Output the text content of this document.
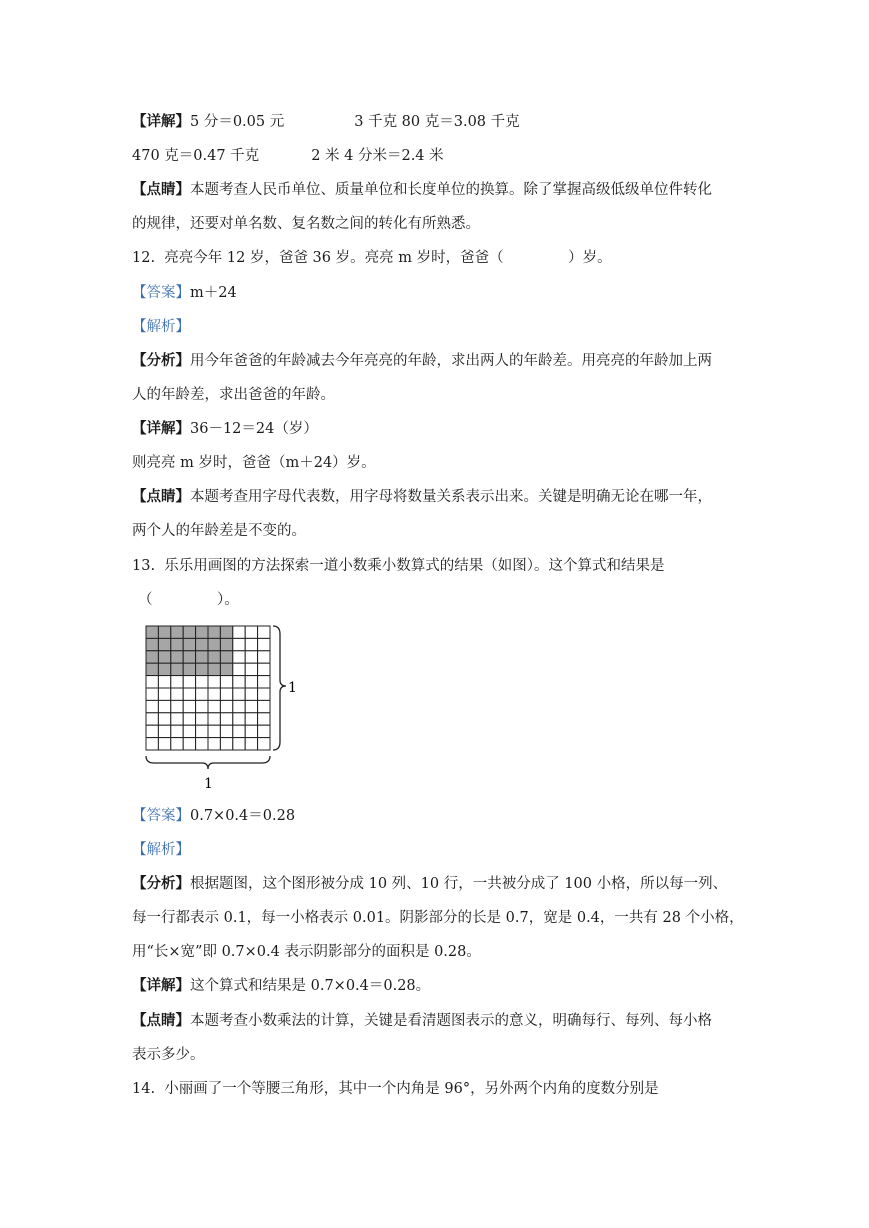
【详解】5 分＝0.05 元	3 千克 80 克＝3.08 千克
470 克＝0.47 千克	2 米 4 分米＝2.4 米
【点睛】本题考查人民币单位、质量单位和长度单位的换算。除了掌握高级低级单位件转化
的规律，还要对单名数、复名数之间的转化有所熟悉。
12.  亮亮今年 12 岁，爸爸 36 岁。亮亮 m 岁时，爸爸（              ）岁。
【答案】m＋24
【解析】
【分析】用今年爸爸的年龄减去今年亮亮的年龄，求出两人的年龄差。用亮亮的年龄加上两
人的年龄差，求出爸爸的年龄。
【详解】36－12＝24（岁）
则亮亮 m 岁时，爸爸（m＋24）岁。
【点睛】本题考查用字母代表数，用字母将数量关系表示出来。关键是明确无论在哪一年，
两个人的年龄差是不变的。
13.  乐乐用画图的方法探索一道小数乘小数算式的结果（如图）。这个算式和结果是
（              ）。
1
1
【答案】0.7×0.4＝0.28
【解析】
【分析】根据题图，这个图形被分成 10 列、10 行，一共被分成了 100 小格，所以每一列、
每一行都表示 0.1，每一小格表示 0.01。阴影部分的长是 0.7，宽是 0.4，一共有 28 个小格，
用“长×宽”即 0.7×0.4 表示阴影部分的面积是 0.28。
【详解】这个算式和结果是 0.7×0.4＝0.28。
【点睛】本题考查小数乘法的计算，关键是看清题图表示的意义，明确每行、每列、每小格
表示多少。
14.  小丽画了一个等腰三角形，其中一个内角是 96°，另外两个内角的度数分别是
